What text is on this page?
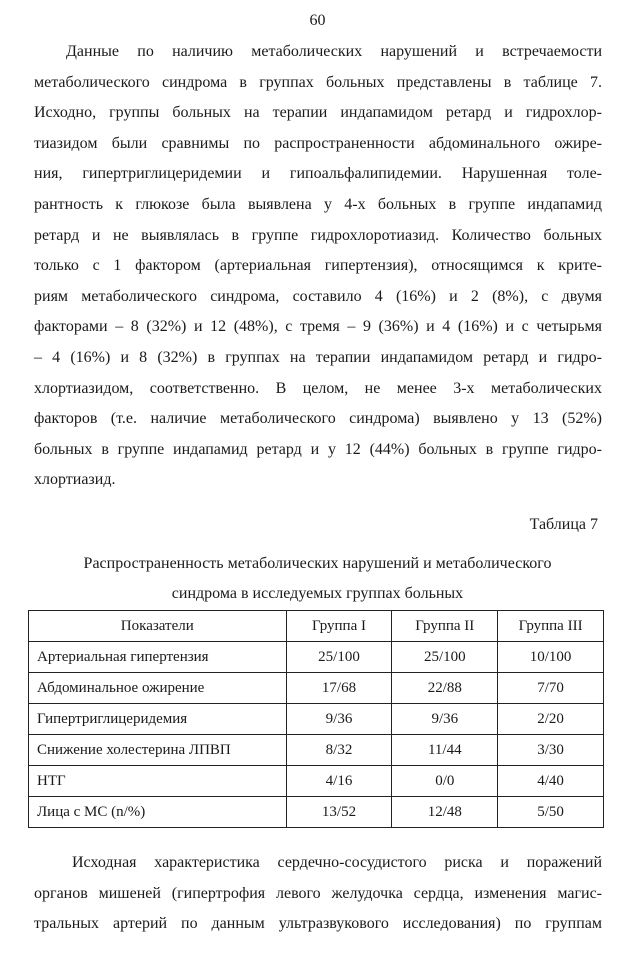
60

Данные по наличию метаболических нарушений и встречаемости
метаболического синдрома в группах больных представлены в таблице 7.
Исходно, группы больных на терапии индапамидом ретард и гидрохлор-
тиазидом были сравнимы по распространенности абдоминального ожире-
ния, гипертриглицеридемии и гипоальфалипидемии. Нарушенная толе-
рантность к глюкозе была выявлена у 4-х больных в группе индапамид
ретард и не выявлялась в группе гидрохлоротиазид. Количество больных
только с 1 фактором (артериальная гипертензия), относящимся к крите-
риям метаболического синдрома, составило 4 (16%) и 2 (8%), с двумя
факторами – 8 (32%) и 12 (48%), с тремя – 9 (36%) и 4 (16%) и с четырьмя
– 4 (16%) и 8 (32%) в группах на терапии индапамидом ретард и гидро-
хлортиазидом, соответственно. В целом, не менее 3-х метаболических
факторов (т.е. наличие метаболического синдрома) выявлено у 13 (52%)
больных в группе индапамид ретард и у 12 (44%) больных в группе гидро-
хлортиазид.

Таблица 7
Распространенность метаболических нарушений и метаболического
синдрома в исследуемых группах больных
Показатели	Группа I	Группа II	Группа III
Артериальная гипертензия	25/100	25/100	10/100
Абдоминальное ожирение	17/68	22/88	7/70
Гипертриглицеридемия	9/36	9/36	2/20
Снижение холестерина ЛПВП	8/32	11/44	3/30
НТГ	4/16	0/0	4/40
Лица с МС (n/%)	13/52	12/48	5/50

Исходная характеристика сердечно-сосудистого риска и поражений
органов мишеней (гипертрофия левого желудочка сердца, изменения магис-
тральных артерий по данным ультразвукового исследования) по группам
